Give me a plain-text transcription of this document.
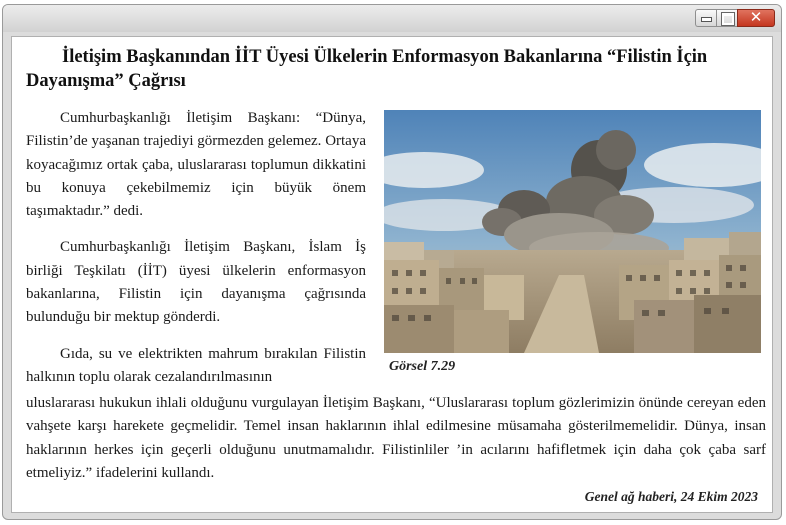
✕
İletişim Başkanından İİT Üyesi Ülkelerin Enformasyon Bakanlarına “Filistin İçin Dayanışma” Çağrısı

Cumhurbaşkanlığı İletişim Başkanı: “Dünya, Filistin’de yaşanan trajediyi görmezden gelemez. Ortaya koyacağımız ortak çaba, uluslararası toplumun dikkatini bu konuya çekebilmemiz için büyük önem taşımaktadır.” dedi.

Cumhurbaşkanlığı İletişim Başkanı, İslam İş birliği Teşkilatı (İİT) üyesi ülkelerin enformasyon bakanlarına, Filistin için dayanışma çağrısında bulunduğu bir mektup gönderdi.

Gıda, su ve elektrikten mahrum bırakılan Filistin halkının toplu olarak cezalandırılmasının

Görsel 7.29

uluslararası hukukun ihlali olduğunu vurgulayan İletişim Başkanı, “Uluslararası toplum gözlerimizin önünde cereyan eden vahşete karşı harekete geçmelidir. Temel insan haklarının ihlal edilmesine müsamaha gösterilmemelidir. Dünya, insan haklarının herkes için geçerli olduğunu unutmamalıdır. Filistinliler ’in acılarını hafifletmek için daha çok çaba sarf etmeliyiz.” ifadelerini kullandı.

Genel ağ haberi, 24 Ekim 2023
